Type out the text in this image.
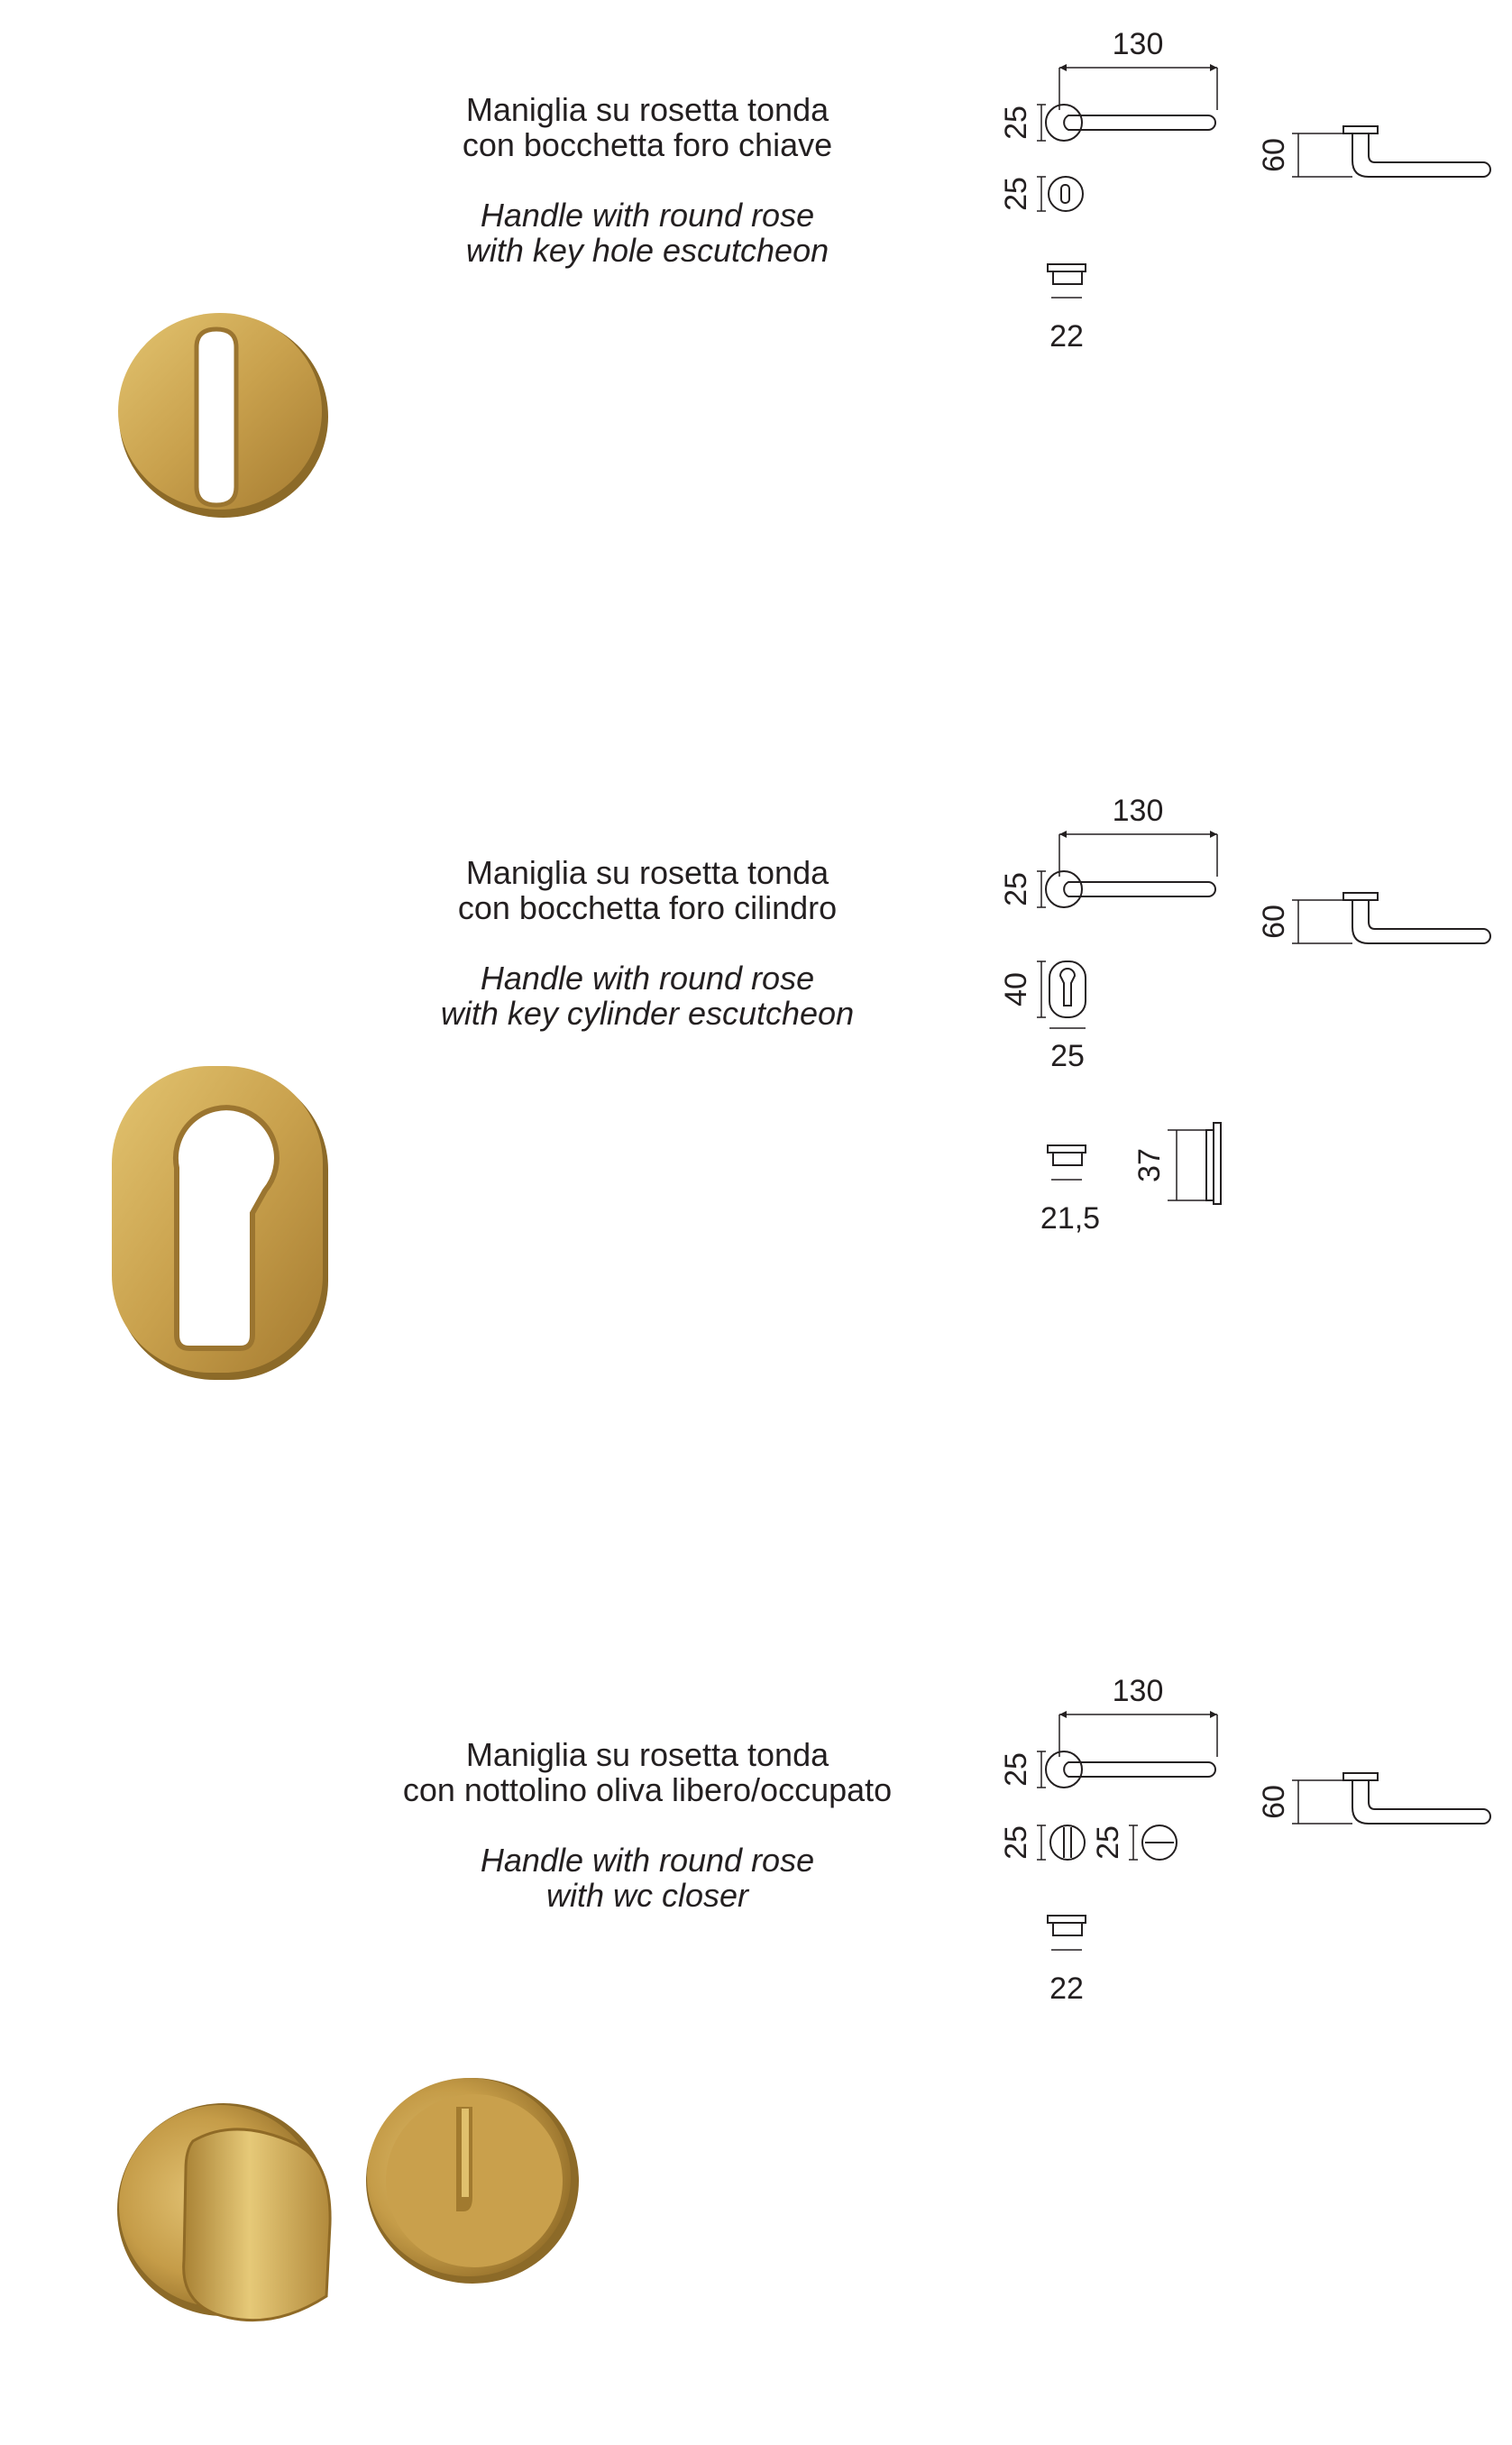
Maniglia su rosetta tonda
con bocchetta foro chiave
Handle with round rose
with key hole escutcheon
130
25
25
22
60
Maniglia su rosetta tonda
con bocchetta foro cilindro
Handle with round rose
with key cylinder escutcheon
130
25
40
25
21,5
37
60
Maniglia su rosetta tonda
con nottolino oliva libero/occupato
Handle with round rose
with wc closer
130
25
25 25
22
60
